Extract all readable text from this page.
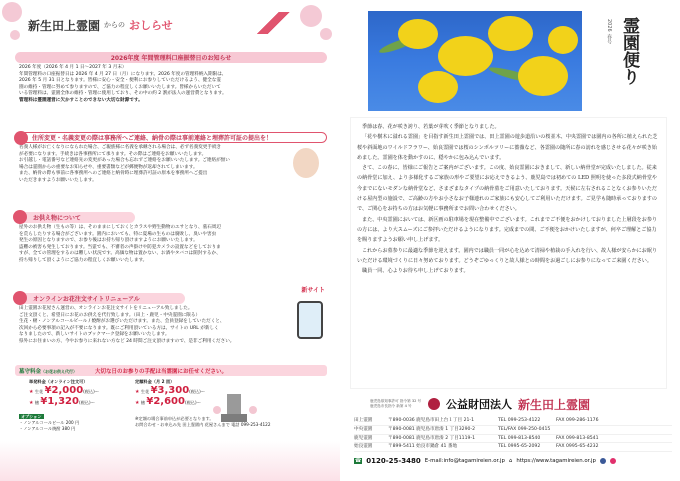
新生田上霊園 からの おしらせ
2026年度 年間管理料口座振替日のお知らせ
2026 年度（2026 年 4 月 1 日〜2027 年 3 月末）
年間管理料の口座振替日は 2026 年 4 月 27 日（月）になります。2026 年度の管理料納入期限は、
2026 年 5 月 31 日となります。皆様に安心・安全・便利にお参りしていただけるよう、健全な霊
園の維持・管理に努めて参りますので、ご協力の程宜しくお願いいたします。皆様からいただいて
いる管理料は、霊園全体の維持・管理に使用しており、その中の約 2 割が法人の運営費となります。
管理料は霊園運営に欠かすことのできない大切な財源です。
住所変更・名義変更の際は事務所へご連絡、納骨の際は事前連絡と埋葬許可証の提出を！
名義人様がお亡くなりになられた場合、ご親族様に名義を承継される場合は、必ず名義変更手続き
が必要になります。手続きは各事務所にて承ります。その際はご連絡をお願いいたします。
お引越し・電話番号など連絡先の変更があった場合も忘れずご連絡をお願いいたします。ご連絡が無い
場合は霊園からの重要なお知らせや、重要書類などが郵便物が返却されてしまいます。
また、納骨の際も事前に各事務所へのご連絡と納骨時に埋葬許可証の原本を事務所へご提出
いただきますようお願いいたします。
お供え物について
屋外のお供え物（生もの等）は、そのままにしておくとカラスや野生動物のエサとなり、墓石周辺
を荒らしたりする場合がございます。園内においても、特に夏場の生ものは腐敗し、臭いや害虫
発生の原因となりますので、お参り後はお持ち帰り頂けますようにお願いいたします。
盗難の被害も発生しております。当霊でも、不審者の声掛けや防犯カメラの設置などをしておりま
すが、全ての管理をするのは難しい状況です。高価な物は置かない、お酒やタバコは開封するか、
持ち帰りして頂くようにご協力の程宜しくお願いいたします。
オンラインお花注文サイトリニューアル
新サイト
田上霊園お花屋さん運営の、オンラインお花注文サイトをリニューアル致しました。
ご注文頂くと、希望日にお花のお供えを代行致します。（田上・鹿児・中央霊園に限る）
生花・樒・ノンアルコールビール / 焼酎がお選びいただけます。また、会員登録をしていただくと、
次回から必要事項の記入が不要になります。既にご利用頂いている方は、サイトの URL が新しく
なりましたので、新しいサイトのブックマーク登録をお願いいたします。
県外にお住まいの方、今やお参りに来れない方など 24 時間ご注文頂けますので、是非ご利用ください。
墓守料金（お花お供え代行）	大切な日のお参りの手配は当霊園にお任せください。
単発料金（オンライン注文可）
★ 生花 ¥2,000(税込)〜
★ 樒 ¥1,320(税込)〜
定額料金（月 2 回）
★ 生花 ¥3,300(税込)〜
★ 樒 ¥2,600(税込)〜
オプション
・ノンアルコールビール 200 円
・ノンアルコール焼酎 380 円
※定額の場合事前申込が必要となります。
お問合わせ・お申込み先 田上霊園内 花屋さんまで 電話 099-253-4122
霊園便り
2026
春号

季節は春、花が咲き誇り、若葉が芽吹く季節となりました。

「花や樹木に溢れる霊園」を目指す新生田上霊園では、田上霊園の遊歩道沿いの桜並木、中央霊園では園内の各所に植えられた芝桜や斜面地のワイルドフラワー、始良霊園では桜のシンボルツリーに薔薇など、各霊園の随所に春の訪れを感じさせる花々が咲き始めました。霊園を体を動かすのに、穏やかに包み込んでいます。

さて、この春に、皆様にご報告とご案内がございます。この度、始良霊園におきまして、新しい納骨堂が完成いたしました。従来の納骨堂に加え、より多様化するご家族の形やご要望にお応えできるよう、鹿児島では初めての LED 照明を使った多段式納骨堂や今までにないモダンな納骨堂など、さまざまなタイプの納骨墓をご用意いたしております。天候に左右されることなくお参りいただける屋内型の施設で、ご高齢の方やお小さなお子様連れのご家族にも安心してご利用いただけます。ご見学も随時承っておりますので、ご関心をお持ちの方はお気軽に事務所までお問い合わせください。

また、中央霊園においては、新区画の駐車場を現在整備中でございます。これまでご不便をおかけしておりました上層段をお参りの方には、より大スムーズにご参拝いただけるようになります。完成までの間、ご不便をおかけいたしますが、何卒ご理解とご協力を賜りますようお願い申し上げます。

これからお墓参りに最適な季節を迎えます。園内では職員一同が心を込めて清掃や植栽の手入れを行い、故人様が安らかにお眠りいただける環境づくりに日々努めております。どうぞごゆっくりと故人様との時間をお過ごしにお参りになってご来園ください。

職員一同、心よりお待ち申し上げております。

鹿児島県知事許可 指令第 32 号 鹿児島市長指令 新第 4 号	公益財団法人 新生田上霊園
田上霊園	〒890-0036 鹿児島市田上台１丁目 21-1	TEL 099-253-4122	FAX 099-286-1176
中央霊園	〒890-0081 鹿児島市唐湊 1 丁目3290-2	TEL/FAX 099-250-0415
鹿児霊園	〒890-0081 鹿児島市唐湊 2 丁目1119-1	TEL 099-813-8540	FAX 099-813-8541
始良霊園	〒899-5411 始良市鍋倉 41 番地	TEL 0995-65-2092	FAX 0995-65-4232
☎ 0120-25-3480 E-mail:info@tagamireien.or.jp ⌂ https://www.tagamireien.or.jp
